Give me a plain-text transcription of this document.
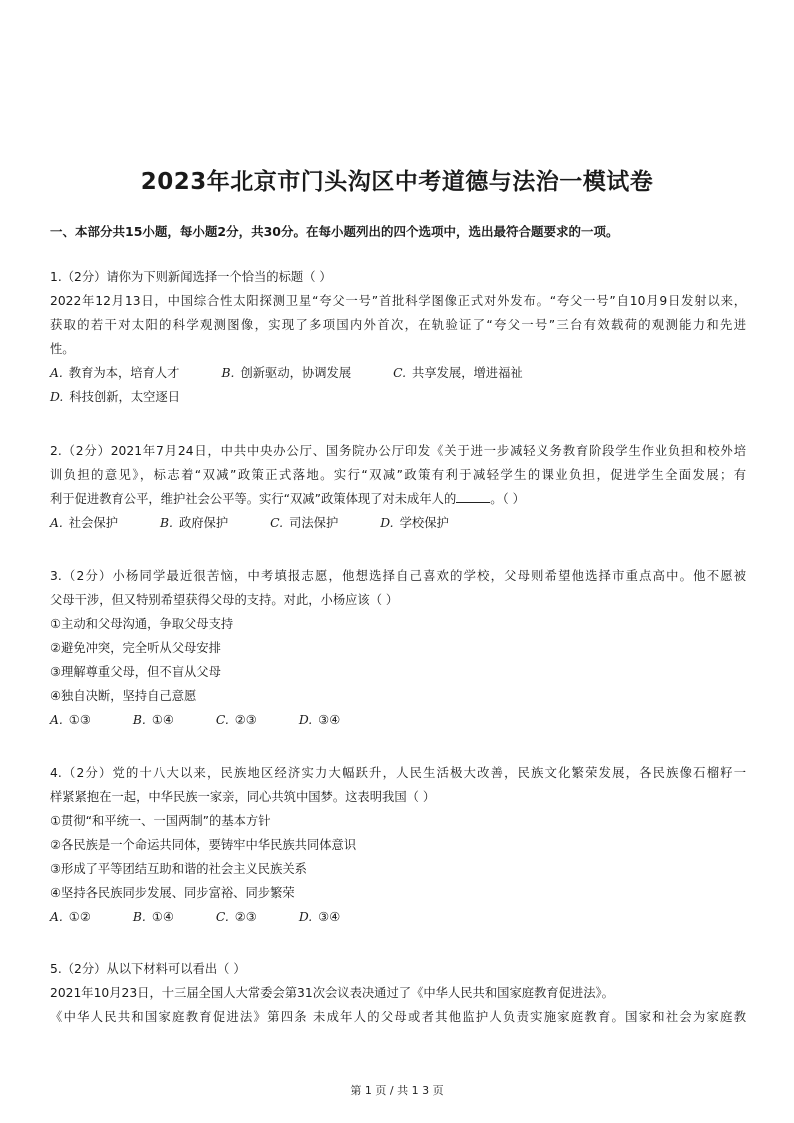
2023年北京市门头沟区中考道德与法治一模试卷
一、本部分共15小题，每小题2分，共30分。在每小题列出的四个选项中，选出最符合题要求的一项。
1.（2分）请你为下则新闻选择一个恰当的标题（ ）
2022年12月13日，中国综合性太阳探测卫星“夸父一号”首批科学图像正式对外发布。“夸父一号”自10月9日发射以来，
获取的若干对太阳的科学观测图像，实现了多项国内外首次，在轨验证了“夸父一号”三台有效载荷的观测能力和先进
性。
A. 教育为本，培育人才	B. 创新驱动，协调发展	C. 共享发展，增进福祉
D. 科技创新，太空逐日
2.（2分）2021年7月24日，中共中央办公厅、国务院办公厅印发《关于进一步减轻义务教育阶段学生作业负担和校外培
训负担的意见》，标志着“双减”政策正式落地。实行“双减”政策有利于减轻学生的课业负担，促进学生全面发展；有
利于促进教育公平，维护社会公平等。实行“双减”政策体现了对未成年人的	。（ ）
A. 社会保护	B. 政府保护	C. 司法保护	D. 学校保护
3.（2分）小杨同学最近很苦恼，中考填报志愿，他想选择自己喜欢的学校，父母则希望他选择市重点高中。他不愿被
父母干涉，但又特别希望获得父母的支持。对此，小杨应该（ ）
①主动和父母沟通，争取父母支持
②避免冲突，完全听从父母安排
③理解尊重父母，但不盲从父母
④独自决断，坚持自己意愿
A. ①③	B. ①④	C. ②③	D. ③④
4.（2分）党的十八大以来，民族地区经济实力大幅跃升，人民生活极大改善，民族文化繁荣发展，各民族像石榴籽一
样紧紧抱在一起，中华民族一家亲，同心共筑中国梦。这表明我国（ ）
①贯彻“和平统一、一国两制”的基本方针
②各民族是一个命运共同体，要铸牢中华民族共同体意识
③形成了平等团结互助和谐的社会主义民族关系
④坚持各民族同步发展、同步富裕、同步繁荣
A. ①②	B. ①④	C. ②③	D. ③④
5.（2分）从以下材料可以看出（ ）
2021年10月23日，十三届全国人大常委会第31次会议表决通过了《中华人民共和国家庭教育促进法》。
《中华人民共和国家庭教育促进法》第四条 未成年人的父母或者其他监护人负责实施家庭教育。国家和社会为家庭教
第 1 页 / 共 1 3 页
